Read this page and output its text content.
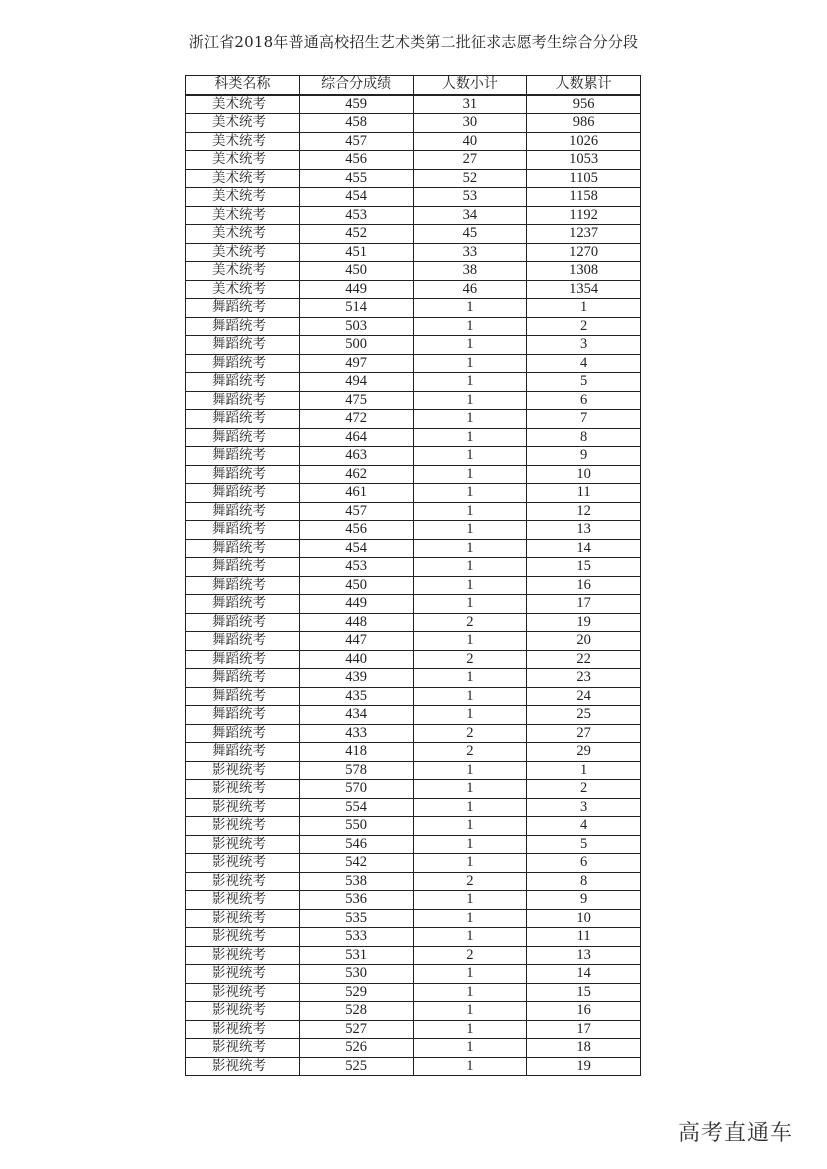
浙江省2018年普通高校招生艺术类第二批征求志愿考生综合分分段
科类名称	综合分成绩	人数小计	人数累计
美术统考	459	31	956
美术统考	458	30	986
美术统考	457	40	1026
美术统考	456	27	1053
美术统考	455	52	1105
美术统考	454	53	1158
美术统考	453	34	1192
美术统考	452	45	1237
美术统考	451	33	1270
美术统考	450	38	1308
美术统考	449	46	1354
舞蹈统考	514	1	1
舞蹈统考	503	1	2
舞蹈统考	500	1	3
舞蹈统考	497	1	4
舞蹈统考	494	1	5
舞蹈统考	475	1	6
舞蹈统考	472	1	7
舞蹈统考	464	1	8
舞蹈统考	463	1	9
舞蹈统考	462	1	10
舞蹈统考	461	1	11
舞蹈统考	457	1	12
舞蹈统考	456	1	13
舞蹈统考	454	1	14
舞蹈统考	453	1	15
舞蹈统考	450	1	16
舞蹈统考	449	1	17
舞蹈统考	448	2	19
舞蹈统考	447	1	20
舞蹈统考	440	2	22
舞蹈统考	439	1	23
舞蹈统考	435	1	24
舞蹈统考	434	1	25
舞蹈统考	433	2	27
舞蹈统考	418	2	29
影视统考	578	1	1
影视统考	570	1	2
影视统考	554	1	3
影视统考	550	1	4
影视统考	546	1	5
影视统考	542	1	6
影视统考	538	2	8
影视统考	536	1	9
影视统考	535	1	10
影视统考	533	1	11
影视统考	531	2	13
影视统考	530	1	14
影视统考	529	1	15
影视统考	528	1	16
影视统考	527	1	17
影视统考	526	1	18
影视统考	525	1	19
高考直通车
